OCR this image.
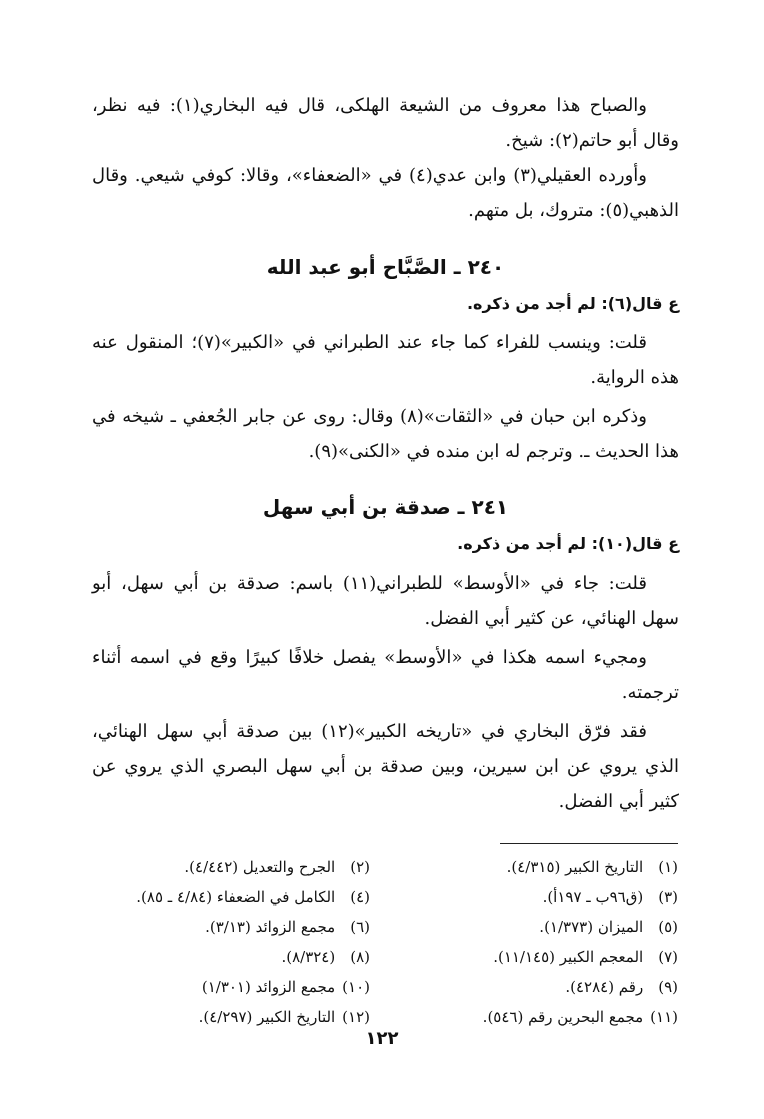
والصباح هذا معروف من الشيعة الهلكى، قال فيه البخاري(١): فيه نظر، وقال أبو حاتم(٢): شيخ.

وأورده العقيلي(٣) وابن عدي(٤) في «الضعفاء»، وقالا: كوفي شيعي. وقال الذهبي(٥): متروك، بل متهم.

٢٤٠ ـ الصَّبَّاح أبو عبد الله
ع قال(٦): لم أجد من ذكره.

قلت: وينسب للفراء كما جاء عند الطبراني في «الكبير»(٧)؛ المنقول عنه هذه الرواية.

وذكره ابن حبان في «الثقات»(٨) وقال: روى عن جابر الجُعفي ـ شيخه في هذا الحديث ـ. وترجم له ابن منده في «الكنى»(٩).

٢٤١ ـ صدقة بن أبي سهل
ع قال(١٠): لم أجد من ذكره.

قلت: جاء في «الأوسط» للطبراني(١١) باسم: صدقة بن أبي سهل، أبو سهل الهنائي، عن كثير أبي الفضل.

ومجيء اسمه هكذا في «الأوسط» يفصل خلافًا كبيرًا وقع في اسمه أثناء ترجمته.

فقد فرّق البخاري في «تاريخه الكبير»(١٢) بين صدقة أبي سهل الهنائي، الذي يروي عن ابن سيرين، وبين صدقة بن أبي سهل البصري الذي يروي عن كثير أبي الفضل.

(١) التاريخ الكبير (٤/٣١٥).
(٣) (ق٩٦ب ـ ١٩٧أ).
(٥) الميزان (١/٣٧٣).
(٧) المعجم الكبير (١١/١٤٥).
(٩) رقم (٤٢٨٤).
(١١) مجمع البحرين رقم (٥٤٦).
(٢) الجرح والتعديل (٤/٤٤٢).
(٤) الكامل في الضعفاء (٤/٨٤ ـ ٨٥).
(٦) مجمع الزوائد (٣/١٣).
(٨) (٨/٣٢٤).
(١٠) مجمع الزوائد (١/٣٠١)
(١٢) التاريخ الكبير (٤/٢٩٧).
١٢٢
